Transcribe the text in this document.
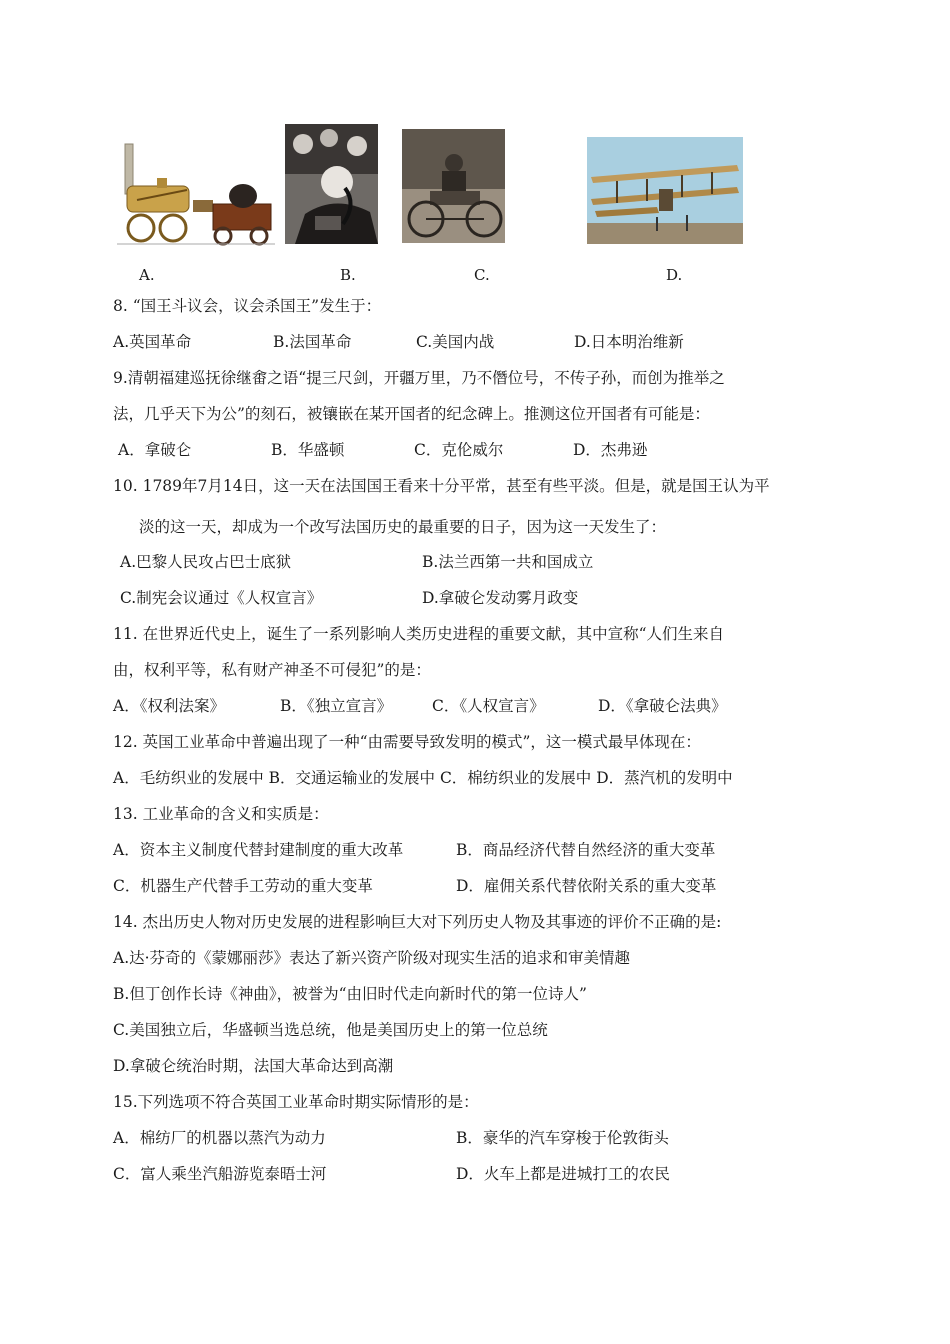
A.	B.	C.	D.
8. “国王斗议会，议会杀国王”发生于：
A.英国革命	B.法国革命	C.美国内战	D.日本明治维新
9.清朝福建巡抚徐继畬之语“提三尺剑，开疆万里，乃不僭位号，不传子孙，而创为推举之
法，几乎天下为公”的刻石，被镶嵌在某开国者的纪念碑上。推测这位开国者有可能是：
A．拿破仑	B．华盛顿	C．克伦威尔	D．杰弗逊
10. 1789年7月14日，这一天在法国国王看来十分平常，甚至有些平淡。但是，就是国王认为平
淡的这一天，却成为一个改写法国历史的最重要的日子，因为这一天发生了：
A.巴黎人民攻占巴士底狱	B.法兰西第一共和国成立
C.制宪会议通过《人权宣言》	D.拿破仑发动雾月政变
11. 在世界近代史上，诞生了一系列影响人类历史进程的重要文献，其中宣称“人们生来自
由，权利平等，私有财产神圣不可侵犯”的是：
A．《权利法案》	B．《独立宣言》	C．《人权宣言》	D．《拿破仑法典》
12. 英国工业革命中普遍出现了一种“由需要导致发明的模式”，这一模式最早体现在：
A．毛纺织业的发展中 B．交通运输业的发展中 C．棉纺织业的发展中 D．蒸汽机的发明中
13. 工业革命的含义和实质是：
A．资本主义制度代替封建制度的重大改革	B．商品经济代替自然经济的重大变革
C．机器生产代替手工劳动的重大变革	D．雇佣关系代替依附关系的重大变革
14. 杰出历史人物对历史发展的进程影响巨大对下列历史人物及其事迹的评价不正确的是:
A.达·芬奇的《蒙娜丽莎》表达了新兴资产阶级对现实生活的追求和审美情趣
B.但丁创作长诗《神曲》，被誉为“由旧时代走向新时代的第一位诗人”
C.美国独立后，华盛顿当选总统，他是美国历史上的第一位总统
D.拿破仑统治时期，法国大革命达到高潮
15.下列选项不符合英国工业革命时期实际情形的是：
A．棉纺厂的机器以蒸汽为动力	B．豪华的汽车穿梭于伦敦街头
C．富人乘坐汽船游览泰晤士河	D．火车上都是进城打工的农民
